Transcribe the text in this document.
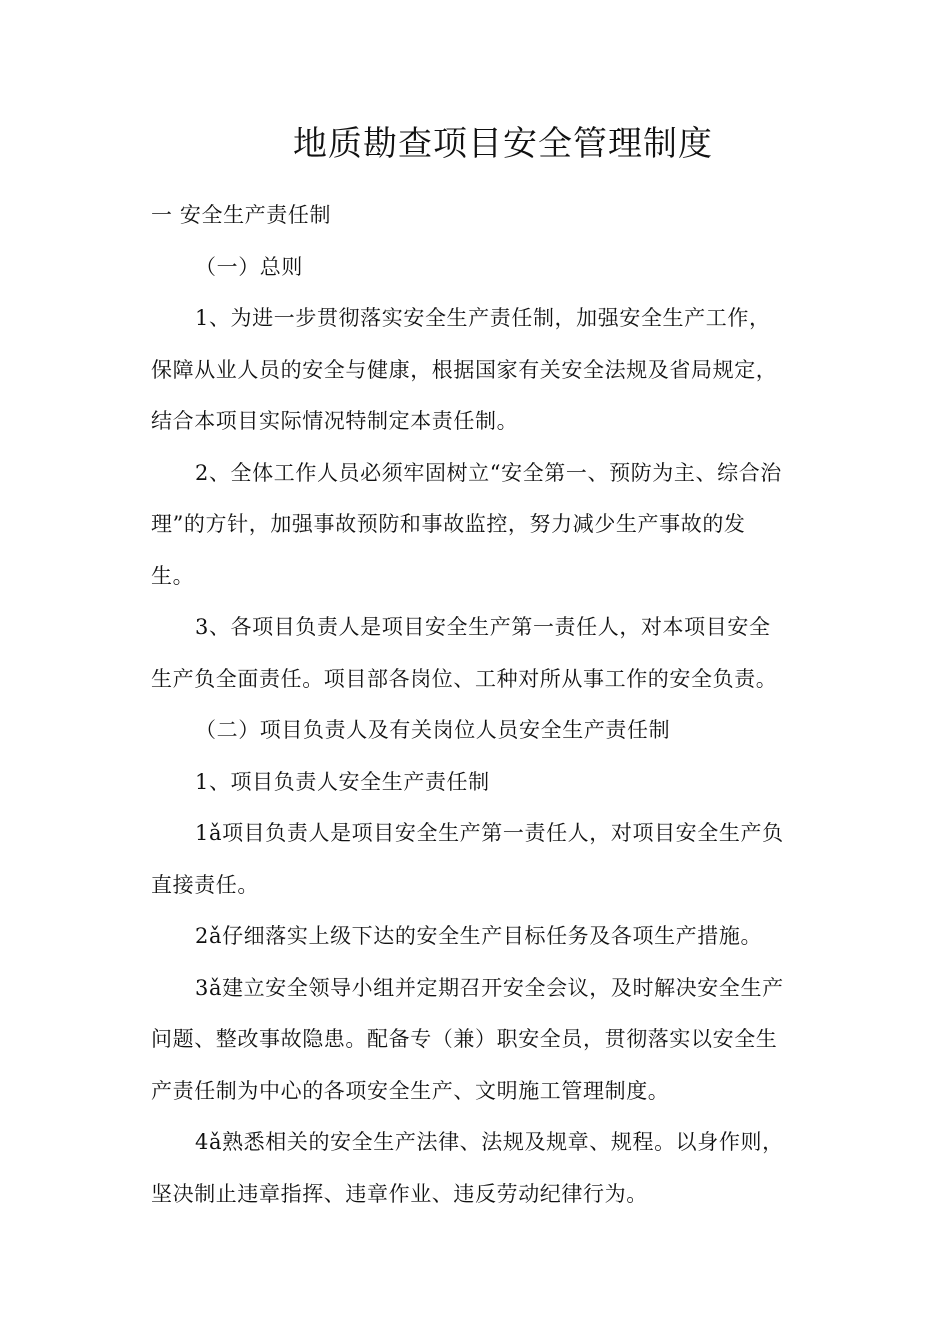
地质勘查项目安全管理制度
一 安全生产责任制
（一）总则
1、为进一步贯彻落实安全生产责任制，加强安全生产工作，
保障从业人员的安全与健康，根据国家有关安全法规及省局规定，
结合本项目实际情况特制定本责任制。
2、全体工作人员必须牢固树立“安全第一、预防为主、综合治
理”的方针，加强事故预防和事故监控，努力减少生产事故的发
生。
3、各项目负责人是项目安全生产第一责任人，对本项目安全
生产负全面责任。项目部各岗位、工种对所从事工作的安全负责。
（二）项目负责人及有关岗位人员安全生产责任制
1、项目负责人安全生产责任制
1ǎ项目负责人是项目安全生产第一责任人，对项目安全生产负
直接责任。
2ǎ仔细落实上级下达的安全生产目标任务及各项生产措施。
3ǎ建立安全领导小组并定期召开安全会议，及时解决安全生产
问题、整改事故隐患。配备专（兼）职安全员，贯彻落实以安全生
产责任制为中心的各项安全生产、文明施工管理制度。
4ǎ熟悉相关的安全生产法律、法规及规章、规程。以身作则，
坚决制止违章指挥、违章作业、违反劳动纪律行为。
